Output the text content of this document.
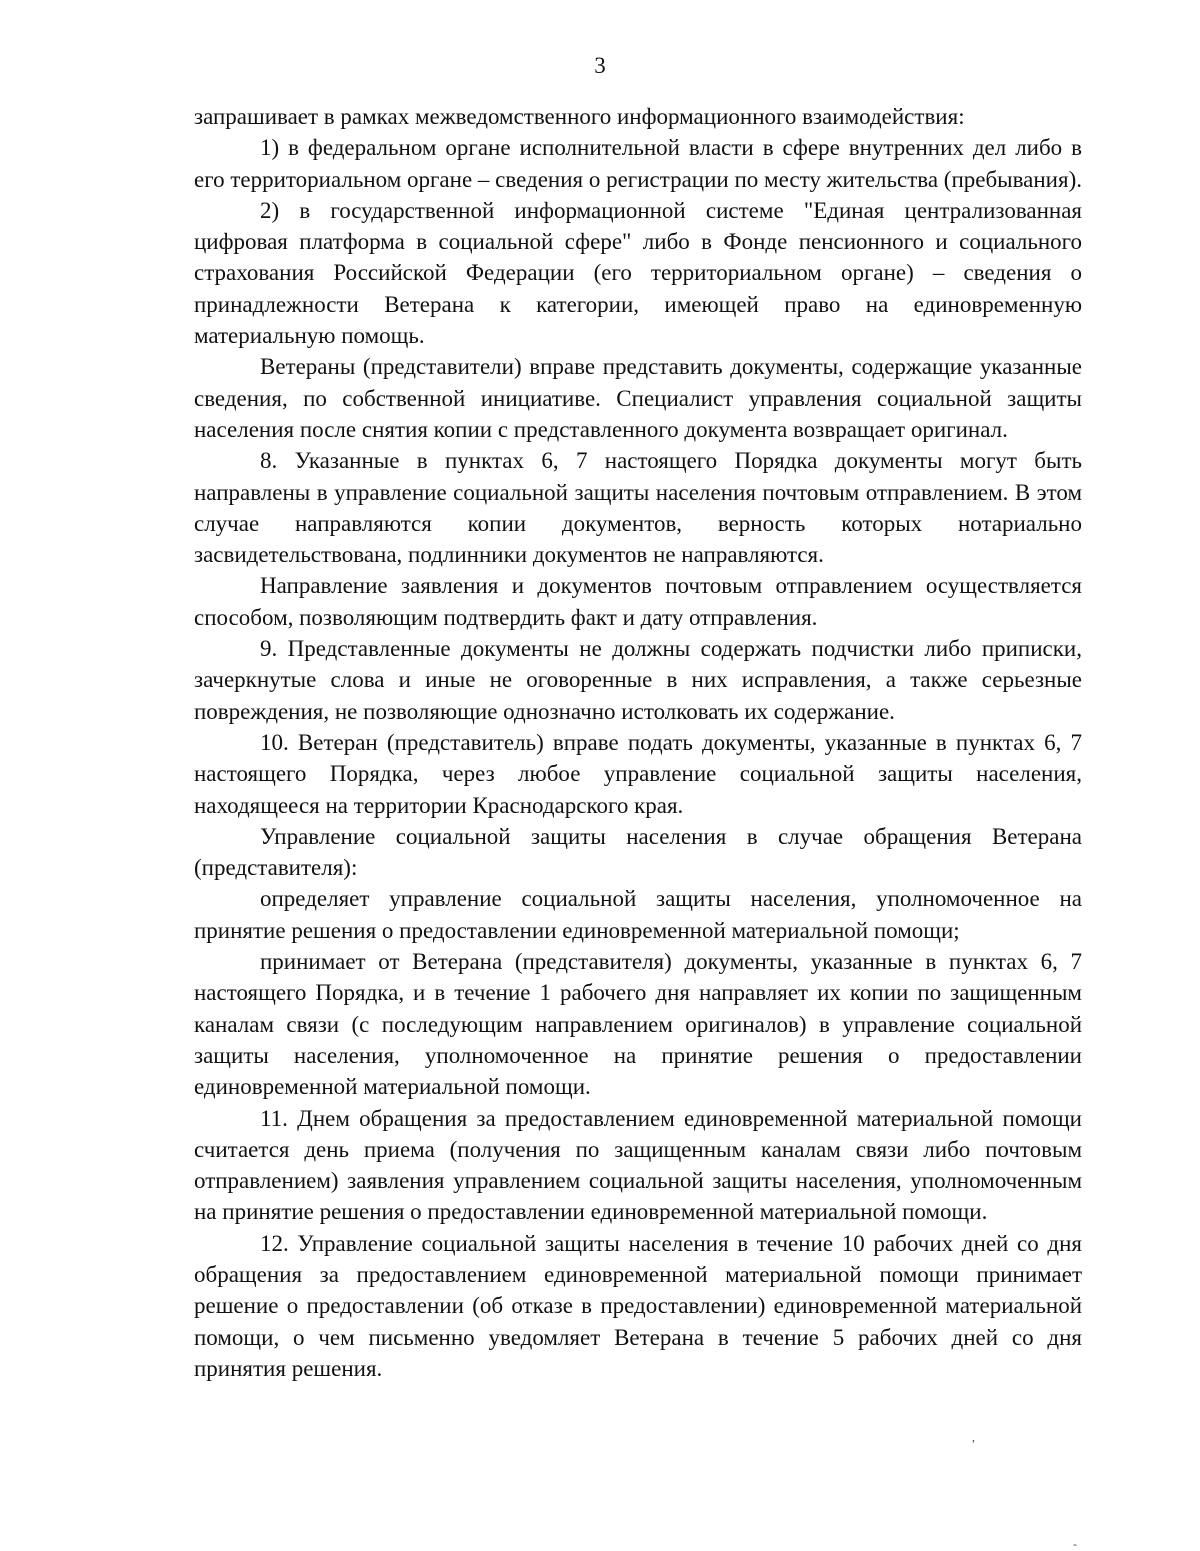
3

запрашивает в рамках межведомственного информационного взаимодействия:

1) в федеральном органе исполнительной власти в сфере внутренних дел либо в его территориальном органе – сведения о регистрации по месту жительства (пребывания).

2) в государственной информационной системе "Единая централизованная цифровая платформа в социальной сфере" либо в Фонде пенсионного и социального страхования Российской Федерации (его территориальном органе) – сведения о принадлежности Ветерана к категории, имеющей право на единовременную материальную помощь.

Ветераны (представители) вправе представить документы, содержащие указанные сведения, по собственной инициативе. Специалист управления социальной защиты населения после снятия копии с представленного документа возвращает оригинал.

8. Указанные в пунктах 6, 7 настоящего Порядка документы могут быть направлены в управление социальной защиты населения почтовым отправлением. В этом случае направляются копии документов, верность которых нотариально засвидетельствована, подлинники документов не направляются.

Направление заявления и документов почтовым отправлением осуществляется способом, позволяющим подтвердить факт и дату отправления.

9. Представленные документы не должны содержать подчистки либо приписки, зачеркнутые слова и иные не оговоренные в них исправления, а также серьезные повреждения, не позволяющие однозначно истолковать их содержание.

10. Ветеран (представитель) вправе подать документы, указанные в пунктах 6, 7 настоящего Порядка, через любое управление социальной защиты населения, находящееся на территории Краснодарского края.

Управление социальной защиты населения в случае обращения Ветерана (представителя):

определяет управление социальной защиты населения, уполномоченное на принятие решения о предоставлении единовременной материальной помощи;

принимает от Ветерана (представителя) документы, указанные в пунктах 6, 7 настоящего Порядка, и в течение 1 рабочего дня направляет их копии по защищенным каналам связи (с последующим направлением оригиналов) в управление социальной защиты населения, уполномоченное на принятие решения о предоставлении единовременной материальной помощи.

11. Днем обращения за предоставлением единовременной материальной помощи считается день приема (получения по защищенным каналам связи либо почтовым отправлением) заявления управлением социальной защиты населения, уполномоченным на принятие решения о предоставлении единовременной материальной помощи.

12. Управление социальной защиты населения в течение 10 рабочих дней со дня обращения за предоставлением единовременной материальной помощи принимает решение о предоставлении (об отказе в предоставлении) единовременной материальной помощи, о чем письменно уведомляет Ветерана в течение 5 рабочих дней со дня принятия решения.

,
-
